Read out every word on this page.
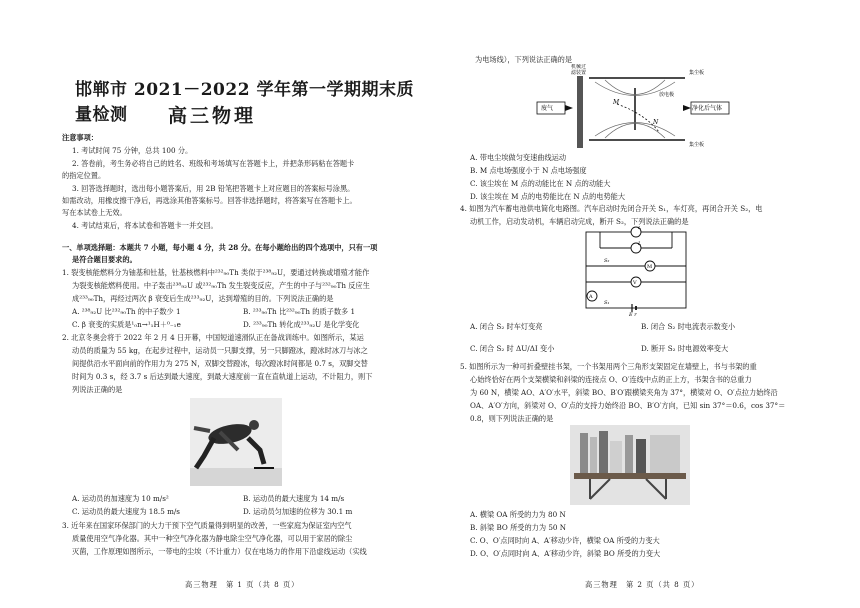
邯郸市 2021－2022 学年第一学期期末质量检测	高三物理
注意事项：
1. 考试时间 75 分钟，总共 100 分。
2. 答卷前，考生务必将自己的姓名、班级和考场填写在答题卡上，并把条形码粘在答题卡
的指定位置。
3. 回答选择题时，选出每小题答案后，用 2B 铅笔把答题卡上对应题目的答案标号涂黑。
如需改动，用橡皮擦干净后，再选涂其他答案标号。回答非选择题时，将答案写在答题卡上。
写在本试卷上无效。
4. 考试结束后，将本试卷和答题卡一并交回。
一、单项选择题：本题共 7 小题，每小题 4 分，共 28 分。在每小题给出的四个选项中，只有一项
是符合题目要求的。
1. 裂变核能燃料分为铀基和钍基，钍基核燃料中²³²₉₀Th 类似于²³⁸₉₂U，要通过转换或增殖才能作
为裂变核能燃料使用。中子轰击²³⁸₉₂U 或²³²₉₀Th 发生裂变反应，产生的中子与²³²₉₀Th 反应生
成²³³₉₀Th，再经过两次 β 衰变后生成²³³₉₂U，达到增殖的目的。下列说法正确的是
A. ²³⁸₉₂U 比²³²₉₀Th 的中子数少 1	B. ²³³₉₀Th 比²³²₉₀Th 的质子数多 1
C. β 衰变的实质是¹₀n→¹₁H＋⁰₋₁e	D. ²³³₉₀Th 转化成²³³₉₂U 是化学变化
2. 北京冬奥会将于 2022 年 2 月 4 日开幕，中国短道速滑队正在备战训练中。如图所示，某运
动员的质量为 55 kg，在起步过程中，运动员一只脚支撑，另一只脚蹬冰，蹬冰时冰刀与冰之
间提供沿水平面向前的作用力为 275 N，双脚交替蹬冰，每次蹬冰时间都是 0.7 s，双脚交替
时间为 0.3 s，经 3.7 s 后达到最大速度，到最大速度前一直在直轨道上运动，不计阻力，则下
列说法正确的是
A. 运动员的加速度为 10 m/s²	B. 运动员的最大速度为 14 m/s
C. 运动员的最大速度为 18.5 m/s	D. 运动员匀加速的位移为 30.1 m
3. 近年来在国家环保部门的大力干预下空气质量得到明显的改善，一些家庭为保证室内空气
质量使用空气净化器。其中一种空气净化器为静电除尘空气净化器，可以用于家居的除尘
灭菌，工作原理如图所示，一带电的尘埃（不计重力）仅在电场力的作用下沿虚线运动（实线
高三物理　第 1 页（共 8 页）
为电场线），下列说法正确的是
废气	净化后气体
机械过
滤装置	集尘板
集尘板
放电极
M
N
A. 带电尘埃做匀变速曲线运动
B. M 点电场强度小于 N 点电场强度
C. 该尘埃在 M 点的动能比在 N 点的动能大
D. 该尘埃在 M 点的电势能比在 N 点的电势能大
4. 如图为汽车蓄电池供电简化电路图。汽车启动时先闭合开关 S₁，车灯亮，再闭合开关 S₂，电
动机工作，启动发动机，车辆启动完成，断开 S₂，下列说法正确的是
L
L
M
V
A
S₂
S₁
E r
A. 闭合 S₂ 时车灯变亮	B. 闭合 S₂ 时电流表示数变小
C. 闭合 S₂ 时 ΔU/ΔI 变小	D. 断开 S₂ 时电源效率变大
5. 如图所示为一种可折叠壁挂书架，一个书架用两个三角形支架固定在墙壁上，书与书架的重
心始终恰好在两个支架横梁和斜梁的连接点 O、O′连线中点的正上方，书架含书的总重力
为 60 N，横梁 AO、A′O′水平，斜梁 BO、B′O′跟横梁夹角为 37°，横梁对 O、O′点拉力始终沿
OA、A′O′方向，斜梁对 O、O′点的支持力始终沿 BO、B′O′方向，已知 sin 37°＝0.6，cos 37°＝
0.8，则下列说法正确的是
A. 横梁 OA 所受的力为 80 N
B. 斜梁 BO 所受的力为 50 N
C. O、O′点同时向 A、A′移动少许，横梁 OA 所受的力变大
D. O、O′点同时向 A、A′移动少许，斜梁 BO 所受的力变大
高三物理　第 2 页（共 8 页）
